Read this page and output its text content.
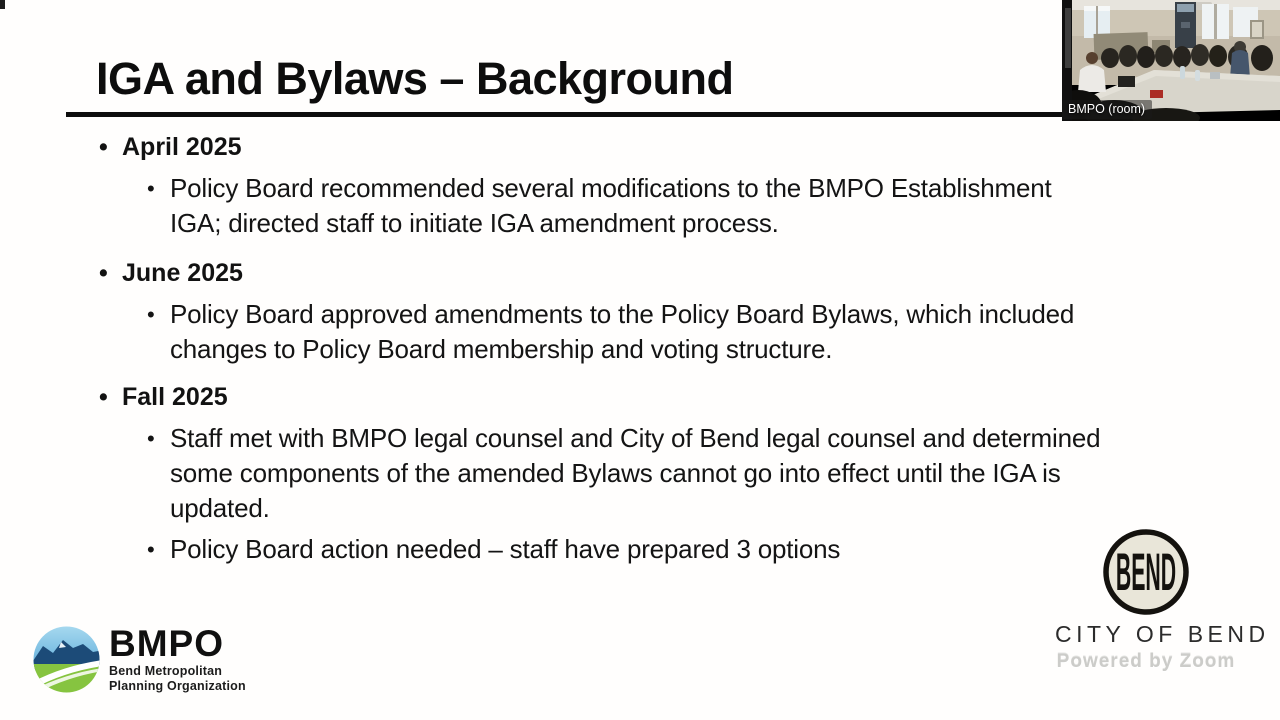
IGA and Bylaws – Background
• April 2025
• Policy Board recommended several modifications to the BMPO Establishment IGA; directed staff to initiate IGA amendment process.
• June 2025
• Policy Board approved amendments to the Policy Board Bylaws, which included changes to Policy Board membership and voting structure.
• Fall 2025
• Staff met with BMPO legal counsel and City of Bend legal counsel and determined some components of the amended Bylaws cannot go into effect until the IGA is updated.
• Policy Board action needed – staff have prepared 3 options
BMPO (room)
BMPO
Bend Metropolitan
Planning Organization
BEND
CITY OF BEND
Powered by Zoom
